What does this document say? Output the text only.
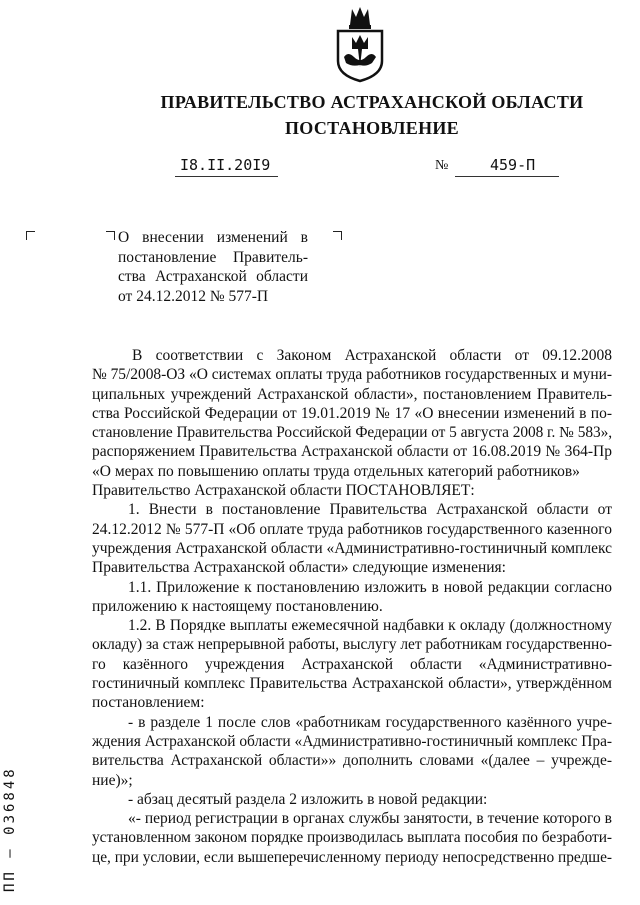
ПРАВИТЕЛЬСТВО АСТРАХАНСКОЙ ОБЛАСТИ
ПОСТАНОВЛЕНИЕ
I8.II.20I9	№	459-П
О внесении изменений в
постановление Правитель-
ства Астраханской области
от 24.12.2012 № 577-П
В соответствии с Законом Астраханской области от 09.12.2008
№ 75/2008-ОЗ «О системах оплаты труда работников государственных и муни-
ципальных учреждений Астраханской области», постановлением Правитель-
ства Российской Федерации от 19.01.2019 № 17 «О внесении изменений в по-
становление Правительства Российской Федерации от 5 августа 2008 г. № 583»,
распоряжением Правительства Астраханской области от 16.08.2019 № 364-Пр
«О мерах по повышению оплаты труда отдельных категорий работников»
Правительство Астраханской области ПОСТАНОВЛЯЕТ:
1. Внести в постановление Правительства Астраханской области от
24.12.2012 № 577-П «Об оплате труда работников государственного казенного
учреждения Астраханской области «Административно-гостиничный комплекс
Правительства Астраханской области» следующие изменения:
1.1. Приложение к постановлению изложить в новой редакции согласно
приложению к настоящему постановлению.
1.2. В Порядке выплаты ежемесячной надбавки к окладу (должностному
окладу) за стаж непрерывной работы, выслугу лет работникам государственно-
го казённого учреждения Астраханской области «Административно-
гостиничный комплекс Правительства Астраханской области», утверждённом
постановлением:
- в разделе 1 после слов «работникам государственного казённого учре-
ждения Астраханской области «Административно-гостиничный комплекс Пра-
вительства Астраханской области»» дополнить словами «(далее – учрежде-
ние)»;
- абзац десятый раздела 2 изложить в новой редакции:
«- период регистрации в органах службы занятости, в течение которого в
установленном законом порядке производилась выплата пособия по безработи-
це, при условии, если вышеперечисленному периоду непосредственно предше-
ПП — 036848
